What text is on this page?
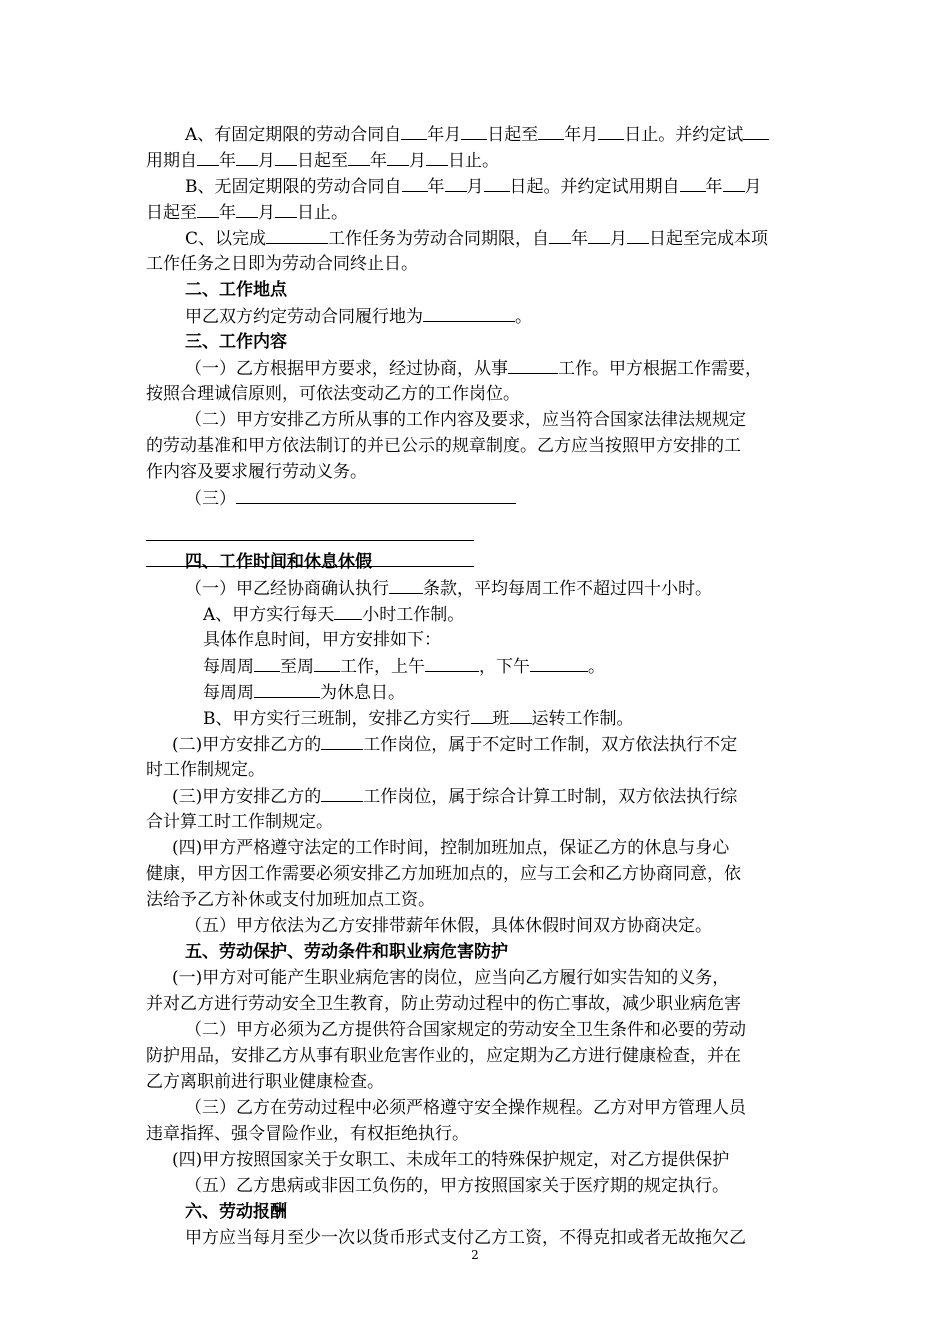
2

A、有固定期限的劳动合同自 年月 日起至 年月 日止。并约定试

用期自 年 月 日起至 年 月 日止。

B、无固定期限的劳动合同自 年 月 日起。并约定试用期自 年 月

日起至 年 月 日止。

C、以完成	工作任务为劳动合同期限，自 年 月 日起至完成本项

工作任务之日即为劳动合同终止日。

二、工作地点

甲乙双方约定劳动合同履行地为	。

三、工作内容

（一）乙方根据甲方要求，经过协商，从事	工作。甲方根据工作需要，

按照合理诚信原则，可依法变动乙方的工作岗位。

（二）甲方安排乙方所从事的工作内容及要求，应当符合国家法律法规规定

的劳动基准和甲方依法制订的并已公示的规章制度。乙方应当按照甲方安排的工

作内容及要求履行劳动义务。

（三）

四、工作时间和休息休假

（一）甲乙经协商确认执行 条款，平均每周工作不超过四十小时。

A、甲方实行每天 小时工作制。

具体作息时间，甲方安排如下：

每周周 至周 工作，上午	，下午	。

每周周	为休息日。

B、甲方实行三班制，安排乙方实行 班 运转工作制。

(二)甲方安排乙方的 工作岗位，属于不定时工作制，双方依法执行不定

时工作制规定。

(三)甲方安排乙方的 工作岗位，属于综合计算工时制，双方依法执行综

合计算工时工作制规定。

(四)甲方严格遵守法定的工作时间，控制加班加点，保证乙方的休息与身心

健康，甲方因工作需要必须安排乙方加班加点的，应与工会和乙方协商同意，依

法给予乙方补休或支付加班加点工资。

（五）甲方依法为乙方安排带薪年休假，具体休假时间双方协商决定。

五、劳动保护、劳动条件和职业病危害防护

(一)甲方对可能产生职业病危害的岗位，应当向乙方履行如实告知的义务，

并对乙方进行劳动安全卫生教育，防止劳动过程中的伤亡事故，减少职业病危害

（二）甲方必须为乙方提供符合国家规定的劳动安全卫生条件和必要的劳动

防护用品，安排乙方从事有职业危害作业的，应定期为乙方进行健康检查，并在

乙方离职前进行职业健康检查。

（三）乙方在劳动过程中必须严格遵守安全操作规程。乙方对甲方管理人员

违章指挥、强令冒险作业，有权拒绝执行。

(四)甲方按照国家关于女职工、未成年工的特殊保护规定，对乙方提供保护

（五）乙方患病或非因工负伤的，甲方按照国家关于医疗期的规定执行。

六、劳动报酬

甲方应当每月至少一次以货币形式支付乙方工资，不得克扣或者无故拖欠乙
